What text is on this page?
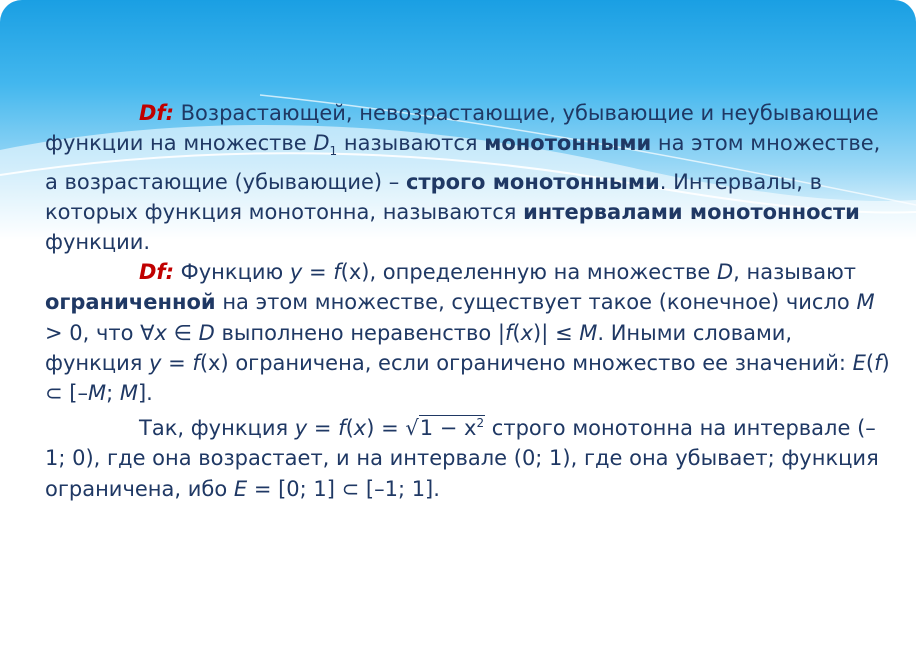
Df: Возрастающей, невозрастающие, убывающие и неубывающие функции на множестве $D_1$ называются монотонными на этом множестве, а возрастающие (убывающие) – строго монотонными. Интервалы, в которых функция монотонна, называются интервалами монотонности функции.

Df: Функцию y = f(x), определенную на множестве D, называют ограниченной на этом множестве, существует такое (конечное) число M > 0, что ∀x ∈ D выполнено неравенство |f(x)| ≤ M. Иными словами, функция y = f(x) ограничена, если ограничено множество ее значений: E(f) ⊂ [–M; M].

Так, функция $y = f(x) = √1 - x^2$ строго монотонна на интервале (–1; 0), где она возрастает, и на интервале (0; 1), где она убывает; функция ограничена, ибо E = [0; 1] ⊂ [–1; 1].
